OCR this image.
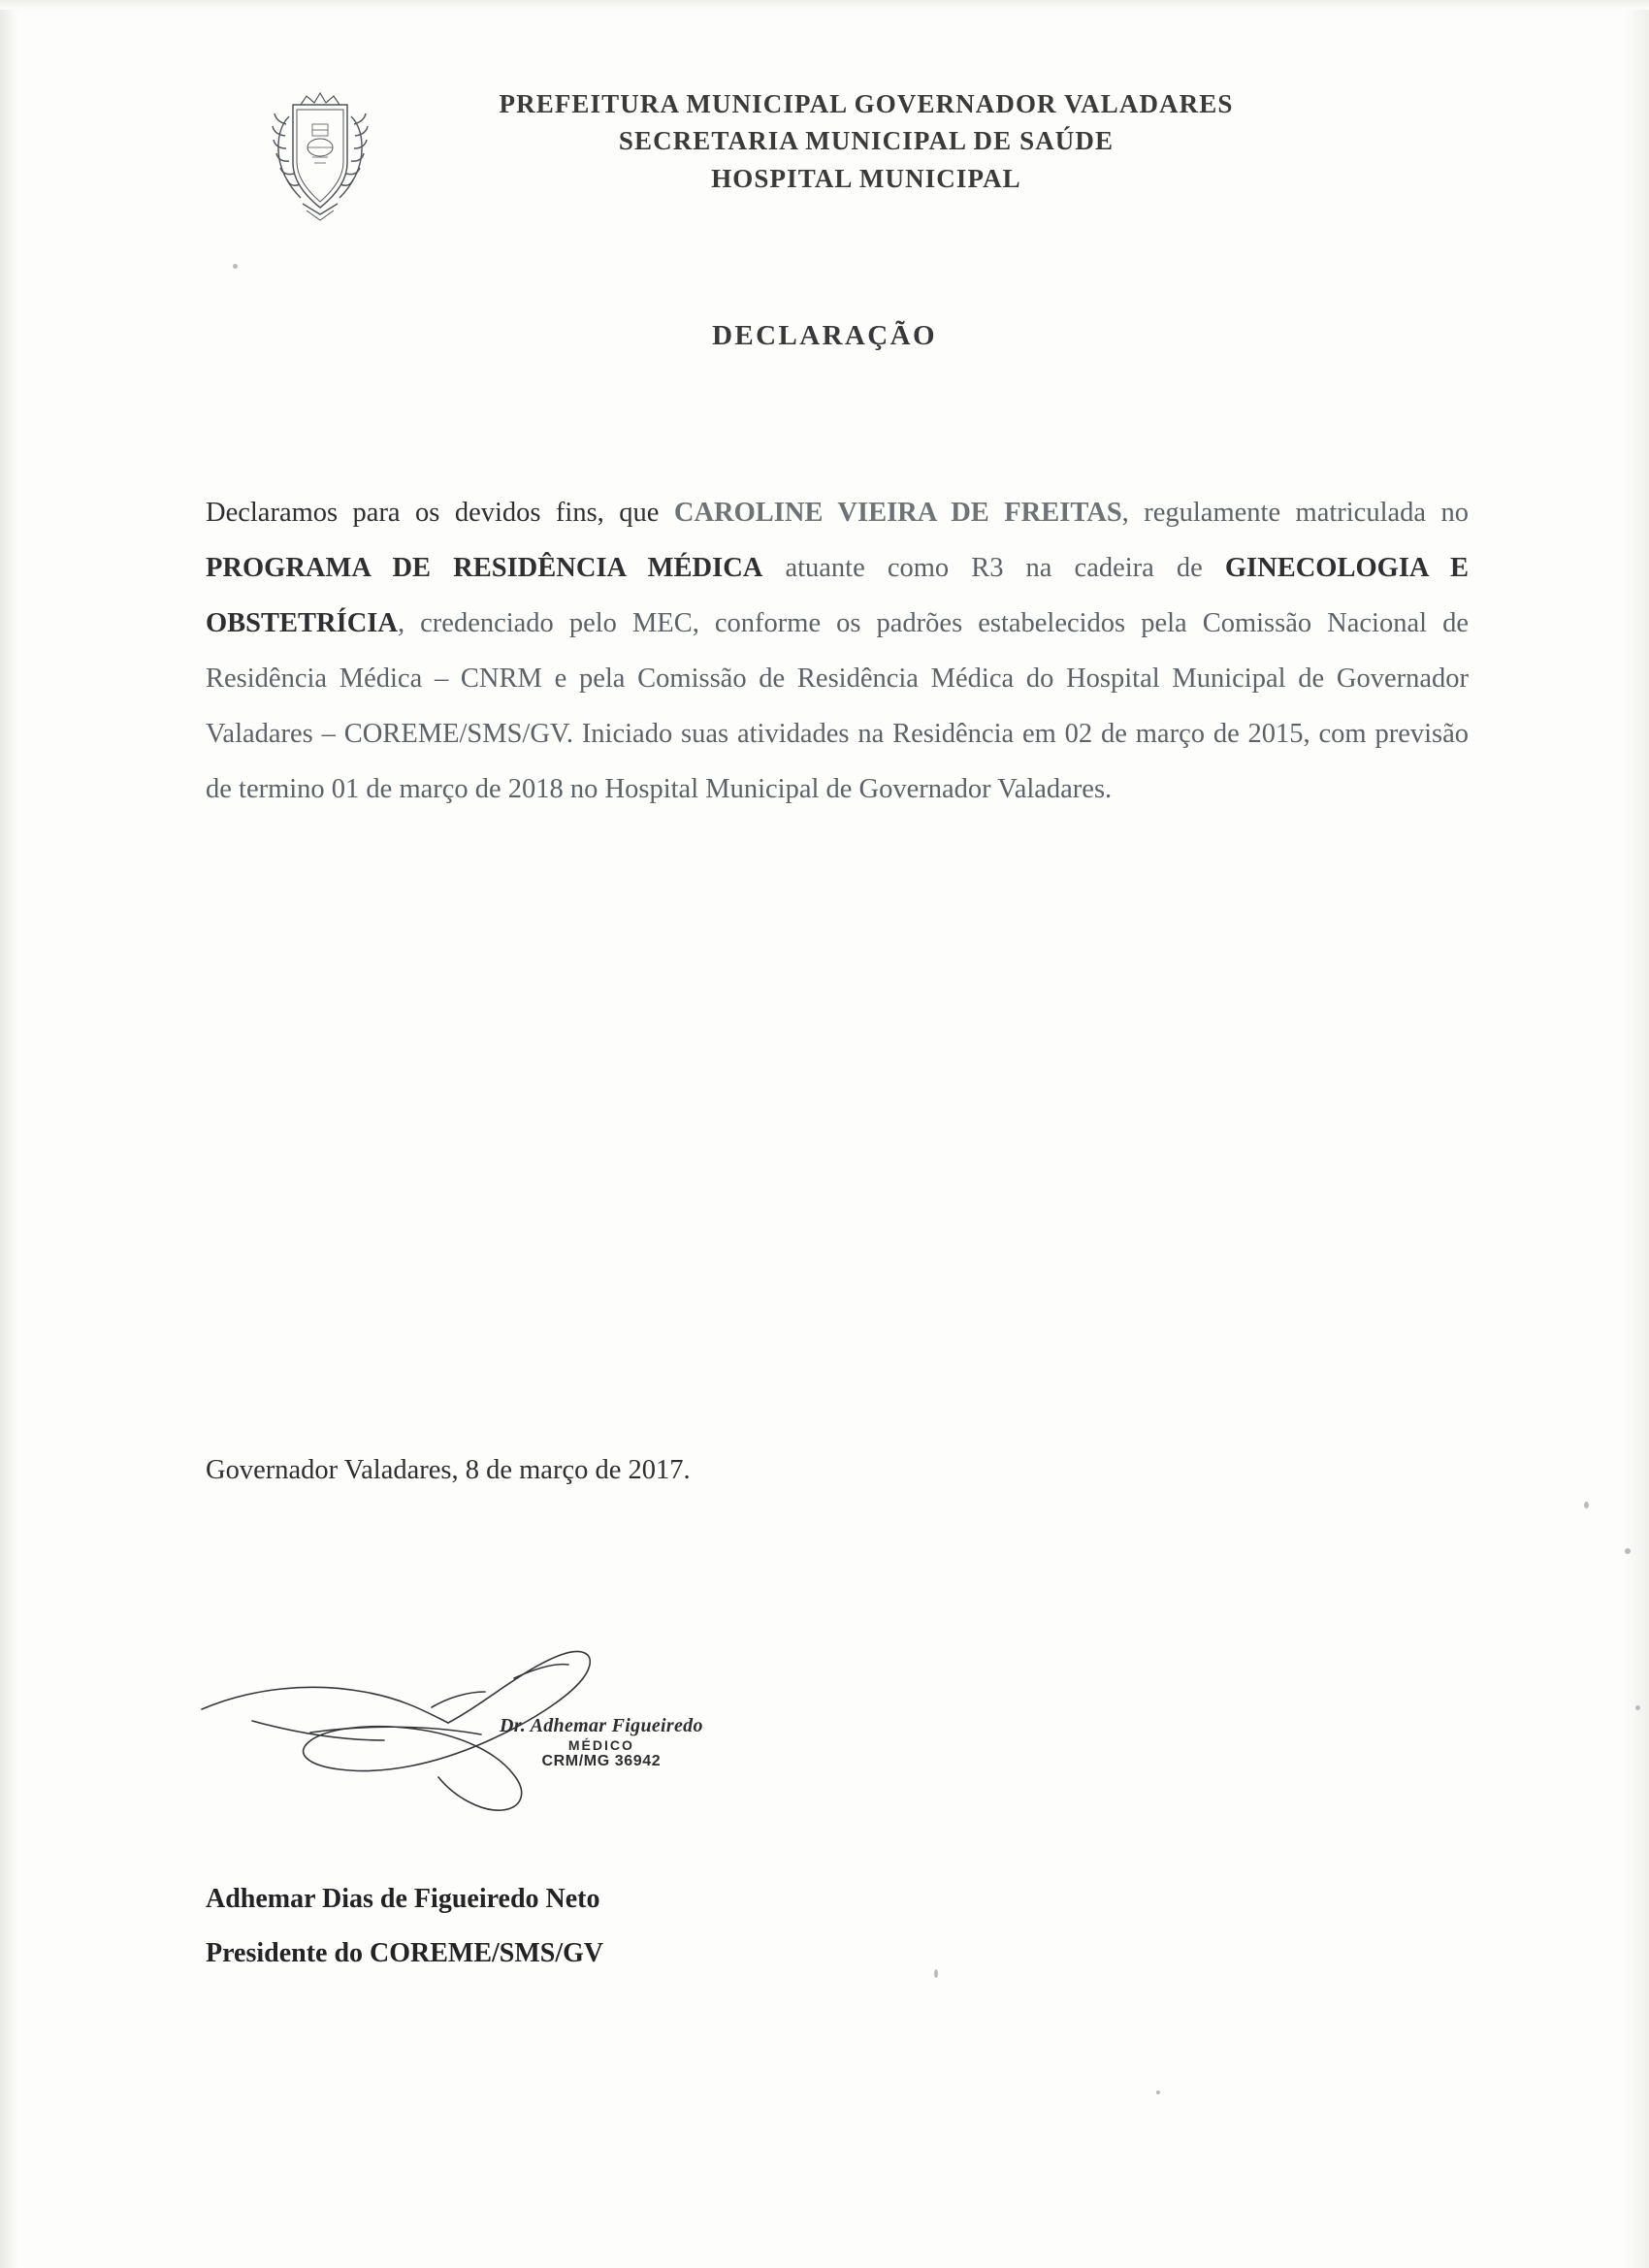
PREFEITURA MUNICIPAL GOVERNADOR VALADARES
SECRETARIA MUNICIPAL DE SAÚDE
HOSPITAL MUNICIPAL
DECLARAÇÃO

Declaramos para os devidos fins, que CAROLINE VIEIRA DE FREITAS, regulamente matriculada no PROGRAMA DE RESIDÊNCIA MÉDICA atuante como R3 na cadeira de GINECOLOGIA E OBSTETRÍCIA, credenciado pelo MEC, conforme os padrões estabelecidos pela Comissão Nacional de Residência Médica – CNRM e pela Comissão de Residência Médica do Hospital Municipal de Governador Valadares – COREME/SMS/GV. Iniciado suas atividades na Residência em 02 de março de 2015, com previsão de termino 01 de março de 2018 no Hospital Municipal de Governador Valadares.

Governador Valadares, 8 de março de 2017.
Dr. Adhemar Figueiredo
MÉDICO
CRM/MG 36942
Adhemar Dias de Figueiredo Neto
Presidente do COREME/SMS/GV
